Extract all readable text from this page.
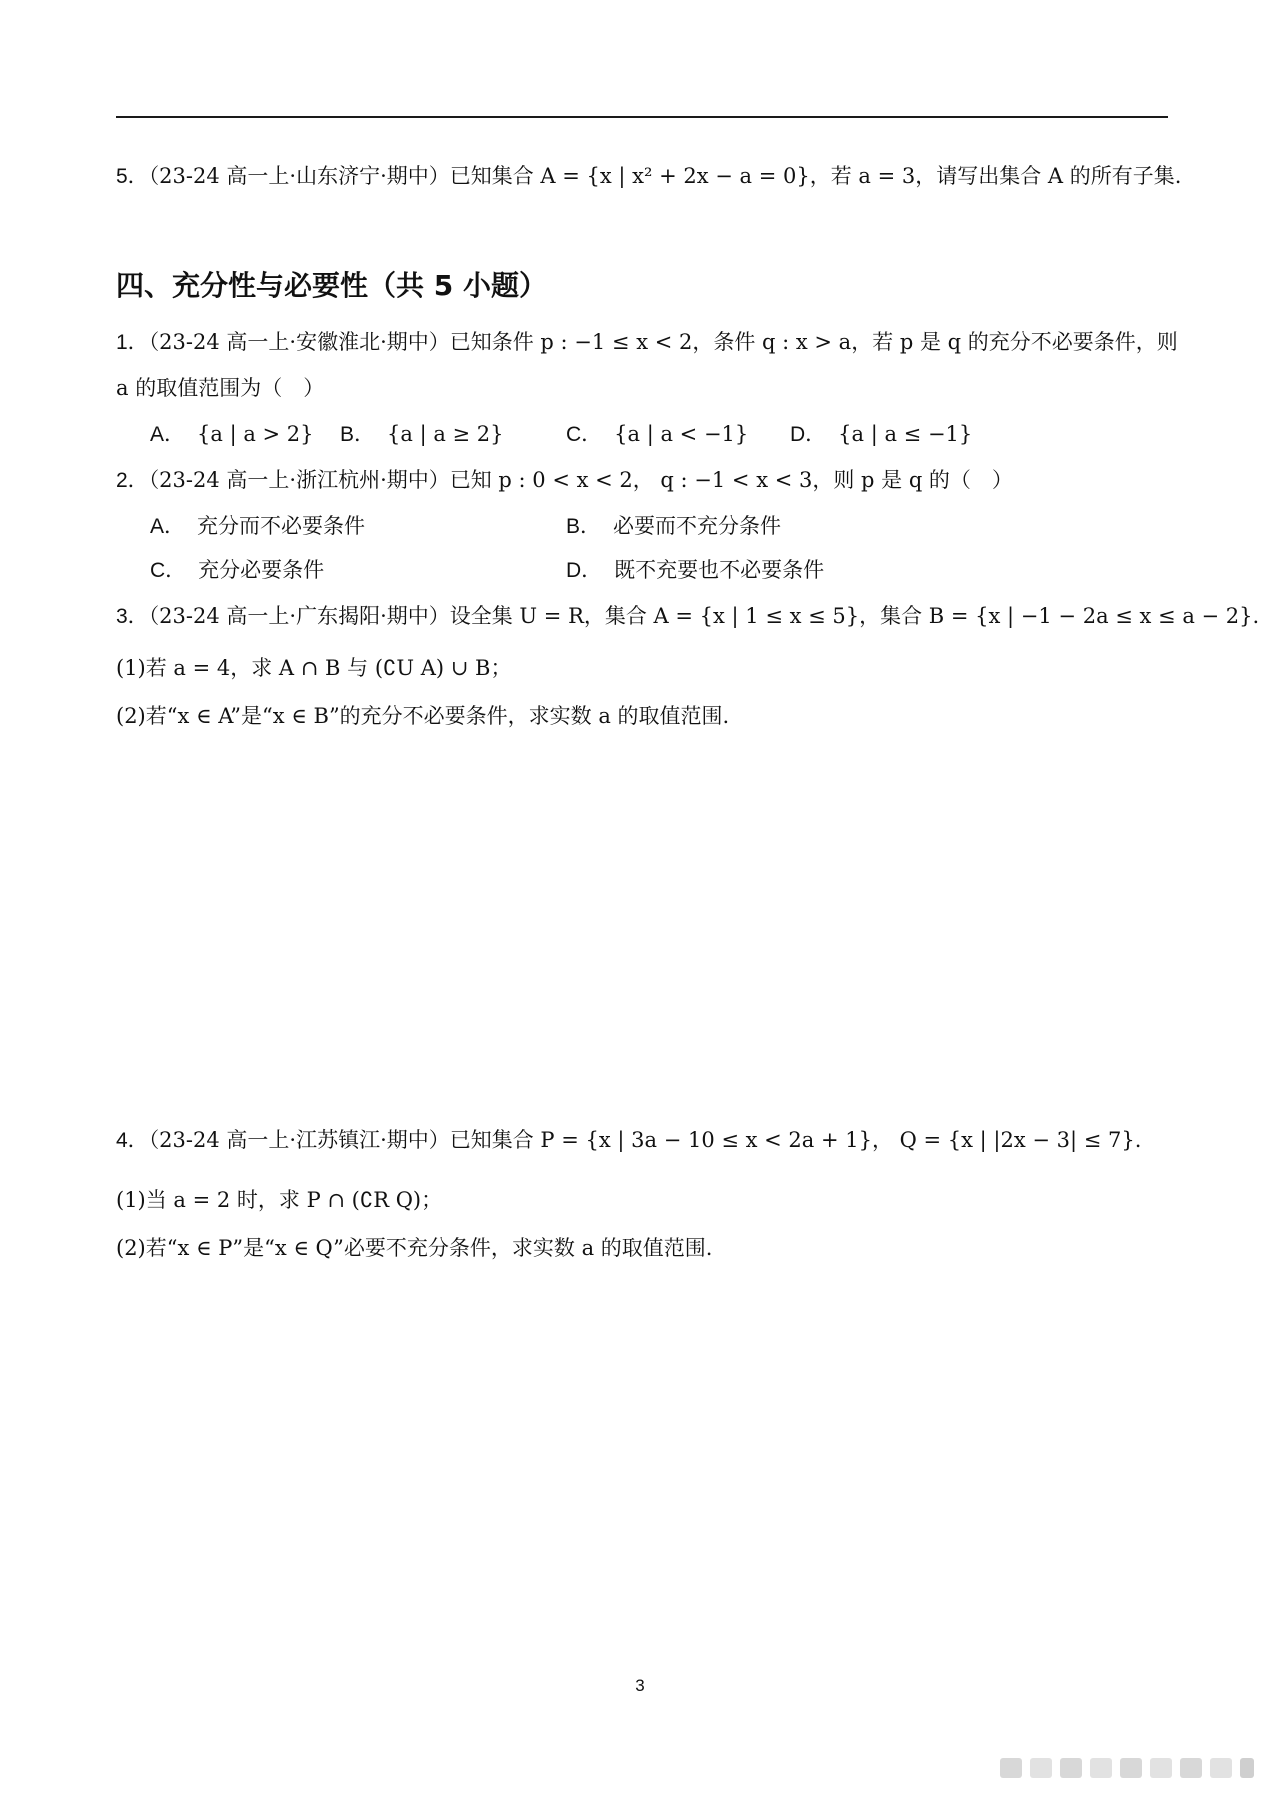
5．（23-24 高一上·山东济宁·期中）已知集合 A = {x | x² + 2x − a = 0}，若 a = 3，请写出集合 A 的所有子集.
四、充分性与必要性（共 5 小题）
1．（23-24 高一上·安徽淮北·期中）已知条件 p : −1 ≤ x < 2，条件 q : x > a，若 p 是 q 的充分不必要条件，则
a 的取值范围为（　）
A． {a | a > 2} B． {a | a ≥ 2}	C． {a | a < −1} D． {a | a ≤ −1}
2．（23-24 高一上·浙江杭州·期中）已知 p : 0 < x < 2， q : −1 < x < 3，则 p 是 q 的（　）
A． 充分而不必要条件	B． 必要而不充分条件
C． 充分必要条件	D． 既不充要也不必要条件
3．（23-24 高一上·广东揭阳·期中）设全集 U = R，集合 A = {x | 1 ≤ x ≤ 5}，集合 B = {x | −1 − 2a ≤ x ≤ a − 2}.
(1)若 a = 4，求 A ∩ B 与 (∁U A) ∪ B；
(2)若“x ∈ A”是“x ∈ B”的充分不必要条件，求实数 a 的取值范围.
4．（23-24 高一上·江苏镇江·期中）已知集合 P = {x | 3a − 10 ≤ x < 2a + 1}， Q = {x | |2x − 3| ≤ 7}.
(1)当 a = 2 时，求 P ∩ (∁R Q)；
(2)若“x ∈ P”是“x ∈ Q”必要不充分条件，求实数 a 的取值范围.
3
